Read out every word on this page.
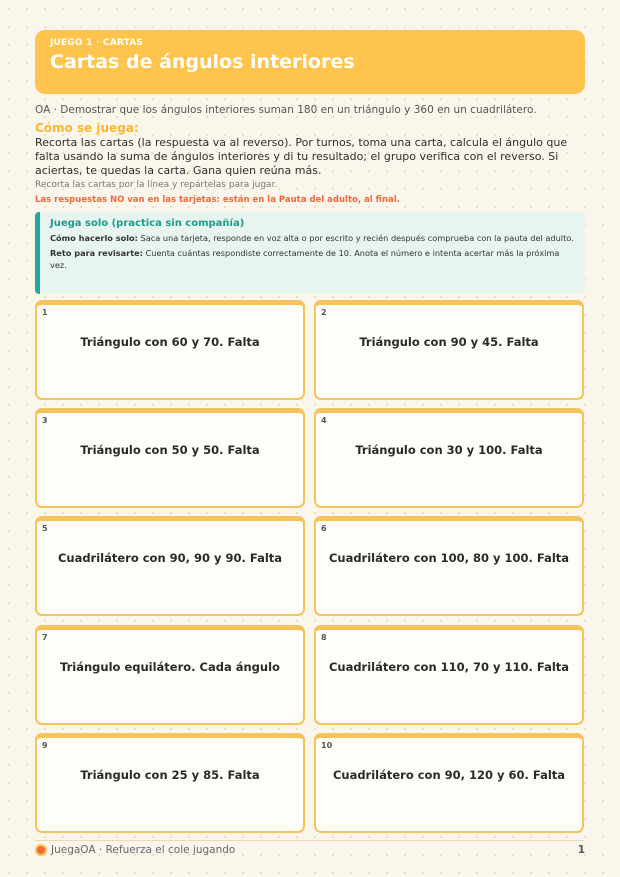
JUEGO 1 · CARTAS
Cartas de ángulos interiores
OA · Demostrar que los ángulos interiores suman 180 en un triángulo y 360 en un cuadrilátero.
Cómo se juega:
Recorta las cartas (la respuesta va al reverso). Por turnos, toma una carta, calcula el ángulo que falta usando la suma de ángulos interiores y di tu resultado; el grupo verifica con el reverso. Si aciertas, te quedas la carta. Gana quien reúna más.
Recorta las cartas por la línea y repártelas para jugar.
Las respuestas NO van en las tarjetas: están en la Pauta del adulto, al final.
Juega solo (practica sin compañía)
Cómo hacerlo solo: Saca una tarjeta, responde en voz alta o por escrito y recién después comprueba con la pauta del adulto.
Reto para revisarte: Cuenta cuántas respondiste correctamente de 10. Anota el número e intenta acertar más la próxima vez.
1
Triángulo con 60 y 70. Falta
2
Triángulo con 90 y 45. Falta
3
Triángulo con 50 y 50. Falta
4
Triángulo con 30 y 100. Falta
5
Cuadrilátero con 90, 90 y 90. Falta
6
Cuadrilátero con 100, 80 y 100. Falta
7
Triángulo equilátero. Cada ángulo
8
Cuadrilátero con 110, 70 y 110. Falta
9
Triángulo con 25 y 85. Falta
10
Cuadrilátero con 90, 120 y 60. Falta
JuegaOA · Refuerza el cole jugando	1
